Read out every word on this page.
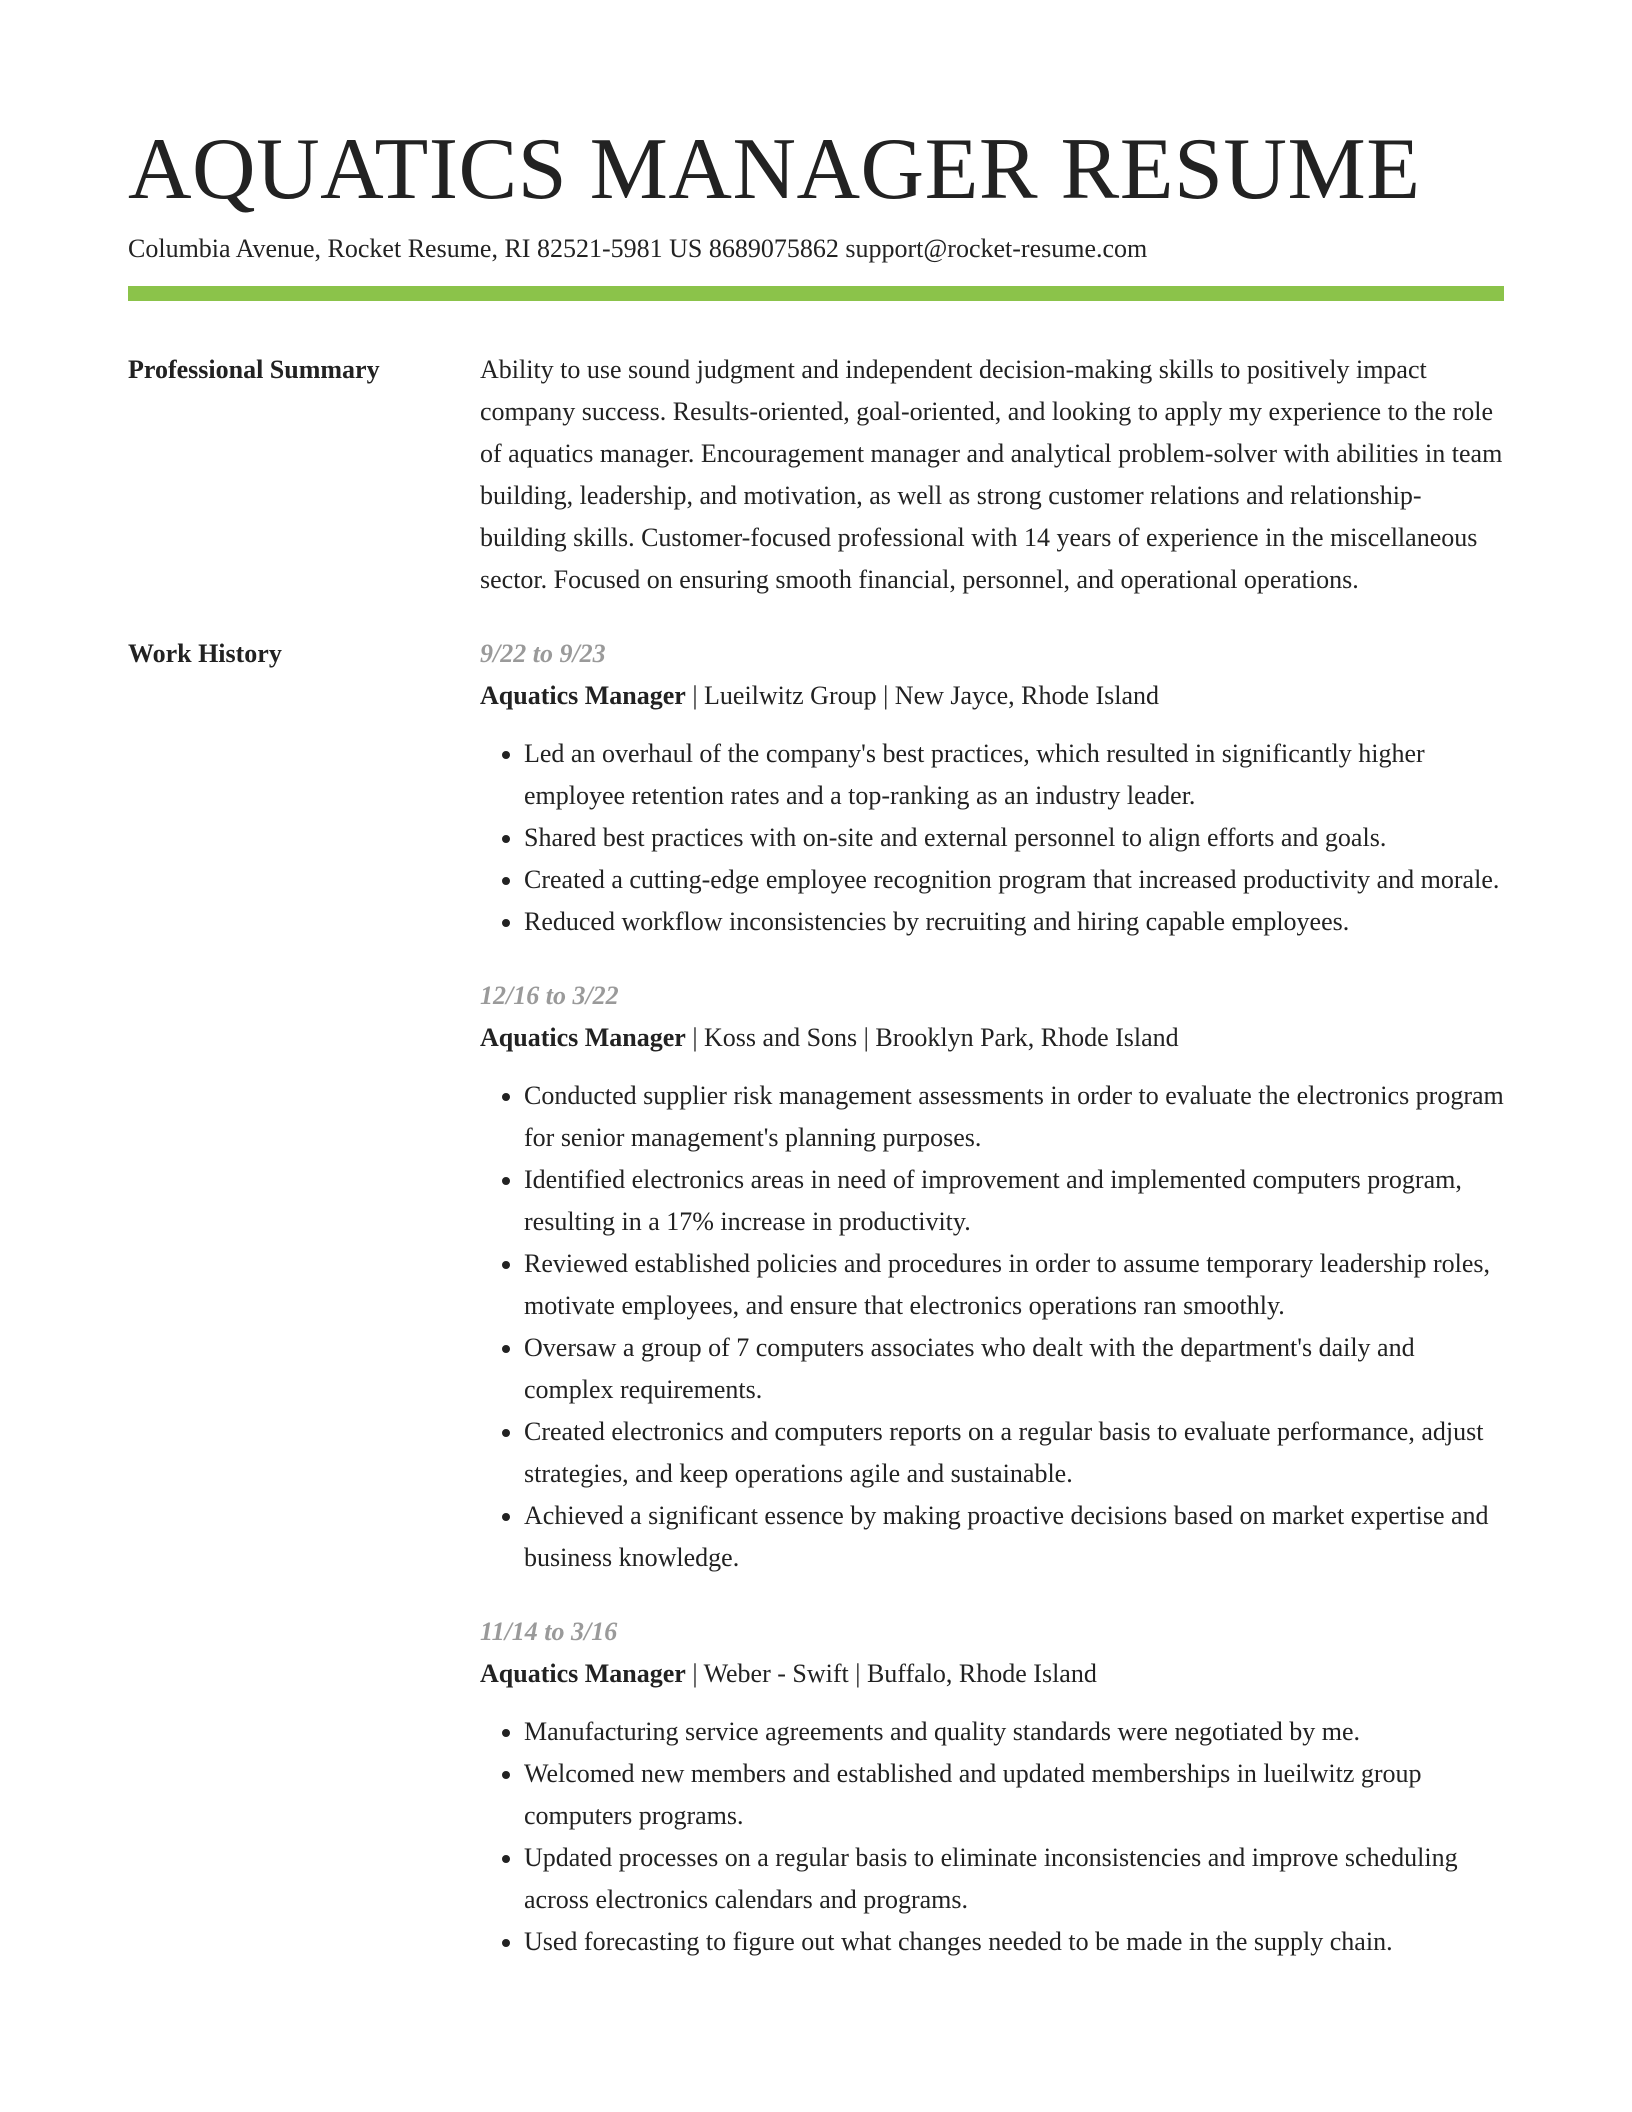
AQUATICS MANAGER RESUME
Columbia Avenue, Rocket Resume, RI 82521-5981 US 8689075862 support@rocket-resume.com
Professional Summary	Ability to use sound judgment and independent decision-making skills to positively impact company success. Results-oriented, goal-oriented, and looking to apply my experience to the role of aquatics manager. Encouragement manager and analytical problem-solver with abilities in team building, leadership, and motivation, as well as strong customer relations and relationship-building skills. Customer-focused professional with 14 years of experience in the miscellaneous sector. Focused on ensuring smooth financial, personnel, and operational operations.

Work History	9/22 to 9/23
Aquatics Manager | Lueilwitz Group | New Jayce, Rhode Island
• Led an overhaul of the company's best practices, which resulted in significantly higher employee retention rates and a top-ranking as an industry leader.
• Shared best practices with on-site and external personnel to align efforts and goals.
• Created a cutting-edge employee recognition program that increased productivity and morale.
• Reduced workflow inconsistencies by recruiting and hiring capable employees.
12/16 to 3/22
Aquatics Manager | Koss and Sons | Brooklyn Park, Rhode Island
• Conducted supplier risk management assessments in order to evaluate the electronics program for senior management's planning purposes.
• Identified electronics areas in need of improvement and implemented computers program, resulting in a 17% increase in productivity.
• Reviewed established policies and procedures in order to assume temporary leadership roles, motivate employees, and ensure that electronics operations ran smoothly.
• Oversaw a group of 7 computers associates who dealt with the department's daily and complex requirements.
• Created electronics and computers reports on a regular basis to evaluate performance, adjust strategies, and keep operations agile and sustainable.
• Achieved a significant essence by making proactive decisions based on market expertise and business knowledge.
11/14 to 3/16
Aquatics Manager | Weber - Swift | Buffalo, Rhode Island
• Manufacturing service agreements and quality standards were negotiated by me.
• Welcomed new members and established and updated memberships in lueilwitz group computers programs.
• Updated processes on a regular basis to eliminate inconsistencies and improve scheduling across electronics calendars and programs.
• Used forecasting to figure out what changes needed to be made in the supply chain.
